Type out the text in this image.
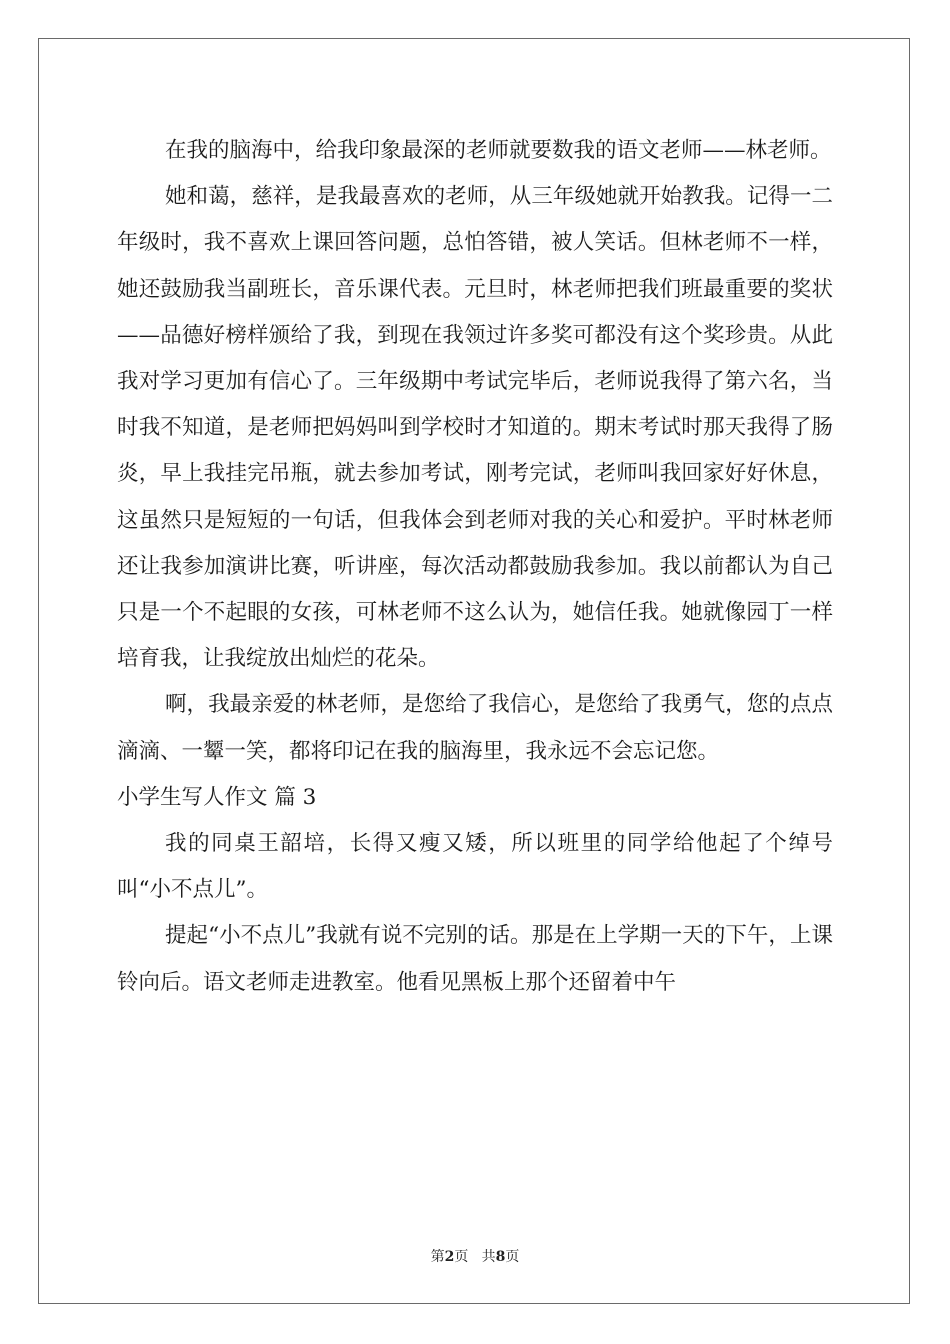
在我的脑海中，给我印象最深的老师就要数我的语文老师——林老师。

她和蔼，慈祥，是我最喜欢的老师，从三年级她就开始教我。记得一二年级时，我不喜欢上课回答问题，总怕答错，被人笑话。但林老师不一样，她还鼓励我当副班长，音乐课代表。元旦时，林老师把我们班最重要的奖状——品德好榜样颁给了我，到现在我领过许多奖可都没有这个奖珍贵。从此我对学习更加有信心了。三年级期中考试完毕后，老师说我得了第六名，当时我不知道，是老师把妈妈叫到学校时才知道的。期末考试时那天我得了肠炎，早上我挂完吊瓶，就去参加考试，刚考完试，老师叫我回家好好休息，这虽然只是短短的一句话，但我体会到老师对我的关心和爱护。平时林老师还让我参加演讲比赛，听讲座，每次活动都鼓励我参加。我以前都认为自己只是一个不起眼的女孩，可林老师不这么认为，她信任我。她就像园丁一样培育我，让我绽放出灿烂的花朵。

啊，我最亲爱的林老师，是您给了我信心，是您给了我勇气，您的点点滴滴、一颦一笑，都将印记在我的脑海里，我永远不会忘记您。

小学生写人作文 篇 3

我的同桌王韶培，长得又瘦又矮，所以班里的同学给他起了个绰号叫“小不点儿”。

提起“小不点儿”我就有说不完别的话。那是在上学期一天的下午，上课铃向后。语文老师走进教室。他看见黑板上那个还留着中午

第2页 共8页
